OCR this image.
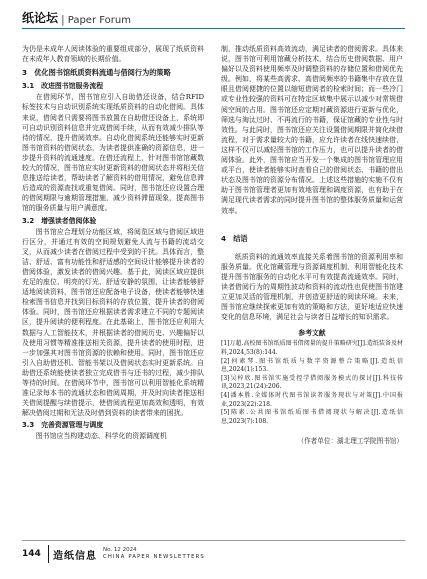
纸论坛 | Paper Forum

为仍是未成年人阅读体验的重要组成部分，展现了纸质资料在未成年人教育领域的长期价值。

3　优化图书馆纸质资料流通与借阅行为的策略
3.1　改进图书馆服务流程

在借阅环节，图书馆应引入自助借还设备，结合RFID标签技术与自动识别系统实现纸质资料的自动化借阅。具体来说，借阅者只需要将图书放置在自助借还设备上，系统即可自动识别资料信息并完成借阅手续，从而有效减少排队等待的情况，提升借阅效率。自动化借阅系统还能够实时更新图书馆资料的借阅状态，为读者提供准确的资源信息，进一步提升资料的流通速度。在借还流程上，针对图书馆馆藏数较大的情况，图书馆应实时更新资料的借阅状态并将相关信息推送给读者，帮助读者了解资料的借用情况，避免信息滞后造成的资源查找或重复借阅。同时，图书馆还应设置合理的借阅期限与逾期管理措施，减少资料滞留现象，提高图书馆的服务质量与用户满意度。

3.2　增强读者借阅体验

图书馆应合理划分功能区域，将阅览区域与借阅区域进行区分，并通过有效的空间规划避免人流与书籍的流动交叉，从而减少读者在借阅过程中受到的干扰。具体而言，整洁、舒适、富有功能性和舒适感的空间设计能够提升读者的借阅体验，激发读者的借阅兴趣。基于此，阅读区域应提供充足的座位、明亮的灯光、舒适安静的氛围，让读者能够舒适地阅读资料，图书馆还应配备电子设备，使读者能够快速检索图书信息并找到目标资料的存放位置，提升读者的借阅体验。同时，图书馆还应根据读者需求建立不同的专题阅读区，提升阅读的便利程度。在此基础上，图书馆还应利用大数据与人工智能技术，并根据读者的借阅历史、兴趣偏好以及使用习惯等精准推送相关资源，提升读者的使用时程，进一步加强其对图书馆资源的依赖和使用。同时，图书馆还应引入自助借还机、智能书架以及借阅状态实时更新系统。自助借还系统能使读者独立完成借书与还书的过程，减少排队等待的时间。在借阅环节中，图书馆可以利用智能化系统精准记录每本书的流通状态和借阅周期，并及时向读者推送相关借阅提醒与续借提示，使借阅流程更加高效和透明，有效解决借阅过期和无法及时借到资料的读者带来的困扰。

3.3　完善资源管理与调度

图书馆应当构建动态、科学化的资源调度机

制，推动纸质资料高效流动，满足读者的借阅需求。具体来说，图书馆可利用馆藏分析技术，结合历史借阅数据、用户偏好以及资料使用频率及时调整资料的存储位置和借阅优先级。例如，将某些高需求、高借阅频率的书籍集中存放在显眼且借阅便捷的位置以缩短借阅者的检索时间；而一些冷门或专业性较强的资料可在特定区域集中展示以减少对常规借阅空间的占用。图书馆还应定期对藏资源进行更新与优化，筛选与淘汰过时、不再流行的书籍，保证馆藏的专业性与时效性。与此同时，图书馆还应关注设置借阅期限并简化续借流程，对于需求量较大的书籍，应允许读者在线快速续借，这样不仅可以减轻图书馆的工作压力，也可以提升读者的借阅体验。此外，图书馆应当开发一个集成的图书馆管理应用或平台，使读者能够实时查看自己的借阅状态、书籍的借出状态及图书馆的资源分布情况。上述这些措施的实施不仅有助于图书馆管理者更加有效地管理和调度资源，也有助于在满足现代读者需求的同时提升图书馆的整体服务质量和运营效率。

4　结语

纸质资料的流通效率直接关系着图书馆的资源利用率和服务质量。优化馆藏管理与资源调度机制，利用智能化技术提升图书馆服务的自动化水平可有效提高流通效率。同时，读者借阅行为的周期性波动和资料的流动性也促使图书馆建立更加灵活的管理机制，并创造更舒适的阅读环境。未来，图书馆应继续探索更加有效的策略和方法，更好地适应快速变化的信息环境，满足社会与读者日益增长的知识需求。

参考文献

[1]万超.高校图书馆纸质图书借阅量的提升策略研究[J].造纸装备及材料,2024,53(8):144.

[2]何素琴.图书馆纸质与数字资源整合策略[J].造纸信息,2024(1):153.

[3]吴梓欣.图书馆实施受控学借阅服务模式的探讨[J].科技传讯,2023,21(24):206.

[4]潘本胜.全媒体时代图书馆读者服务现状与对策[J].中国报业,2023(22):218.

[5]陈素.公共图书馆纸质图书借阅现状与解决[J].造纸信息,2023(7):108.

（作者单位：湖北理工学院图书馆）
144	造纸信息
No. 12 2024
CHINA PAPER NEWSLETTERS
